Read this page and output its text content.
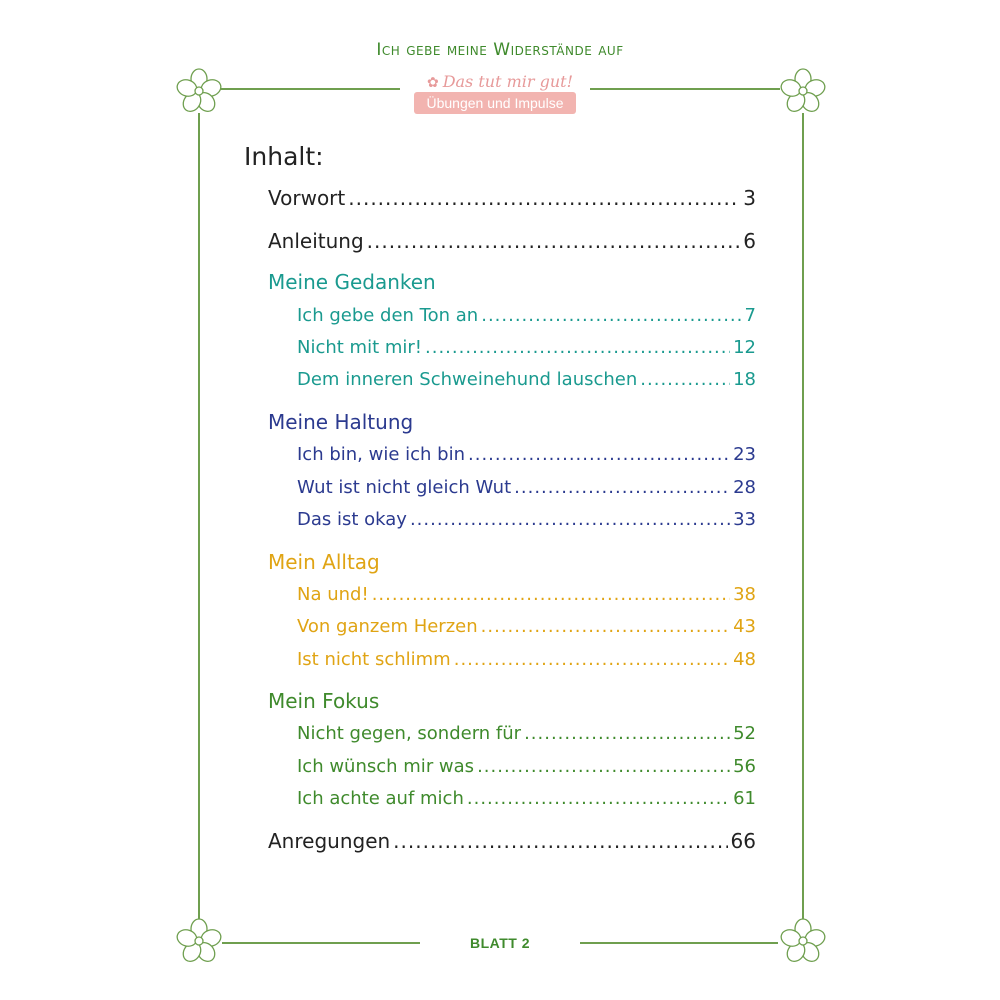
Ich gebe meine Widerstände auf
✿ Das tut mir gut!
Übungen und Impulse
Inhalt:
Vorwort .....	3
Anleitung .....	6
Meine Gedanken
Ich gebe den Ton an .....	7
Nicht mit mir! .....	12
Dem inneren Schweinehund lauschen .....	18
Meine Haltung
Ich bin, wie ich bin .....	23
Wut ist nicht gleich Wut .....	28
Das ist okay .....	33
Mein Alltag
Na und! .....	38
Von ganzem Herzen .....	43
Ist nicht schlimm .....	48
Mein Fokus
Nicht gegen, sondern für .....	52
Ich wünsch mir was .....	56
Ich achte auf mich .....	61
Anregungen .....	66
BLATT 2
